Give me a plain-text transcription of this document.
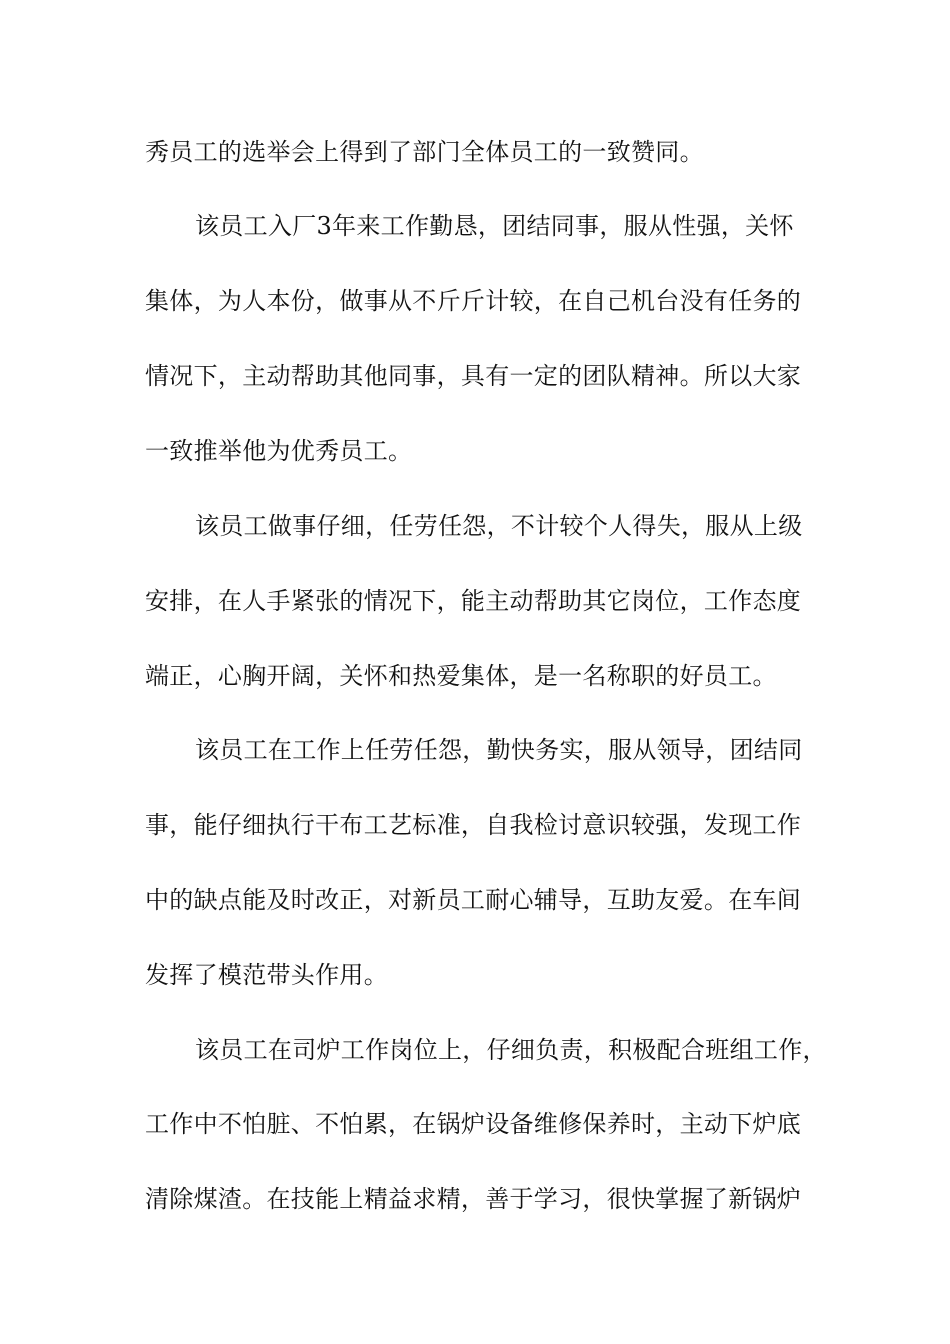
秀员工的选举会上得到了部门全体员工的一致赞同。
该员工入厂3年来工作勤恳，团结同事，服从性强，关怀
集体，为人本份，做事从不斤斤计较，在自己机台没有任务的
情况下，主动帮助其他同事，具有一定的团队精神。所以大家
一致推举他为优秀员工。
该员工做事仔细，任劳任怨，不计较个人得失，服从上级
安排，在人手紧张的情况下，能主动帮助其它岗位，工作态度
端正，心胸开阔，关怀和热爱集体，是一名称职的好员工。
该员工在工作上任劳任怨，勤快务实，服从领导，团结同
事，能仔细执行干布工艺标准，自我检讨意识较强，发现工作
中的缺点能及时改正，对新员工耐心辅导，互助友爱。在车间
发挥了模范带头作用。
该员工在司炉工作岗位上，仔细负责，积极配合班组工作，
工作中不怕脏、不怕累，在锅炉设备维修保养时，主动下炉底
清除煤渣。在技能上精益求精，善于学习，很快掌握了新锅炉
